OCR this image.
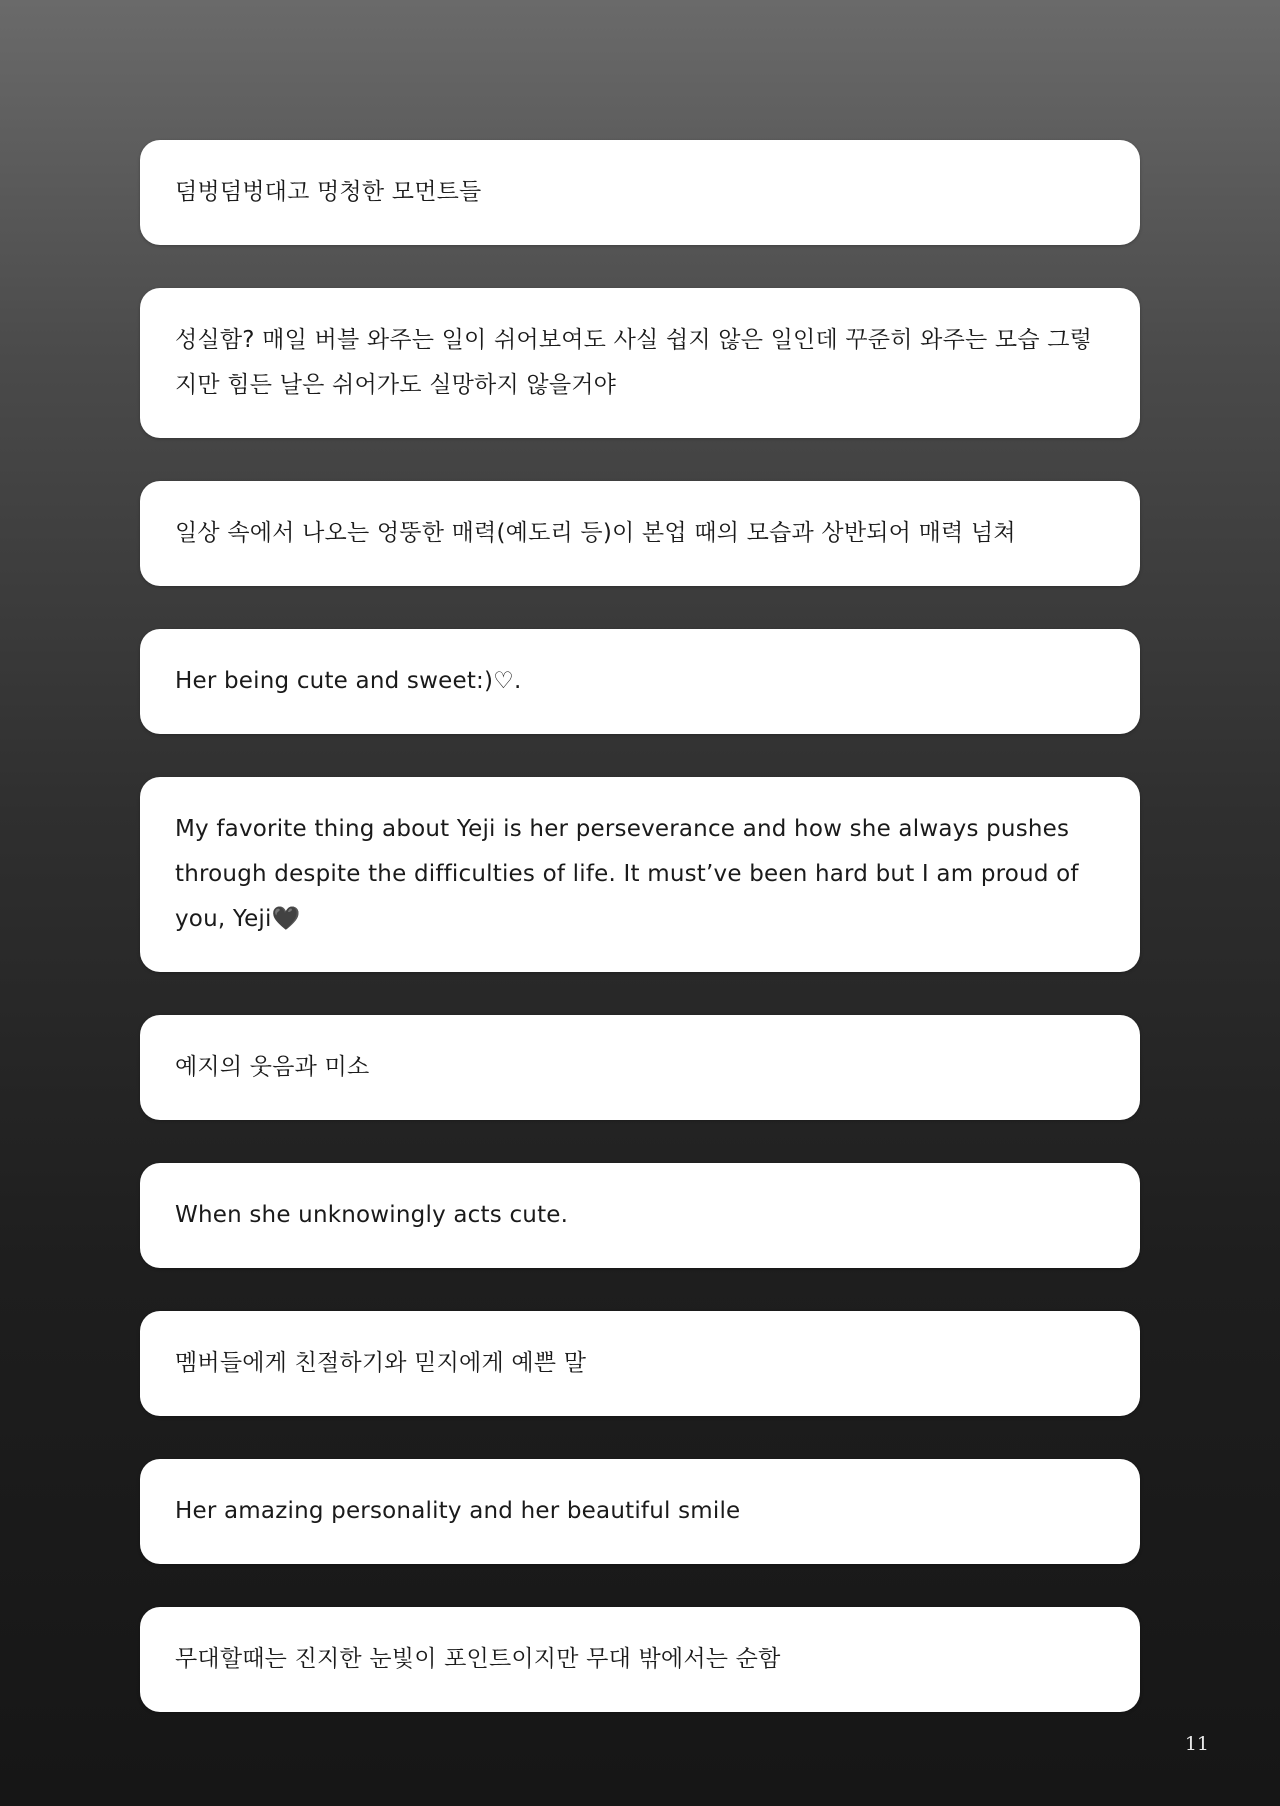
덤벙덤벙대고 멍청한 모먼트들
성실함? 매일 버블 와주는 일이 쉬어보여도 사실 쉽지 않은 일인데 꾸준히 와주는 모습 그렇지만 힘든 날은 쉬어가도 실망하지 않을거야
일상 속에서 나오는 엉뚱한 매력(예도리 등)이 본업 때의 모습과 상반되어 매력 넘쳐
Her being cute and sweet:)♡.
My favorite thing about Yeji is her perseverance and how she always pushes through despite the difficulties of life. It must’ve been hard but I am proud of you, Yeji🖤
예지의 웃음과 미소
When she unknowingly acts cute.
멤버들에게 친절하기와 믿지에게 예쁜 말
Her amazing personality and her beautiful smile
무대할때는 진지한 눈빛이 포인트이지만 무대 밖에서는 순함
11
